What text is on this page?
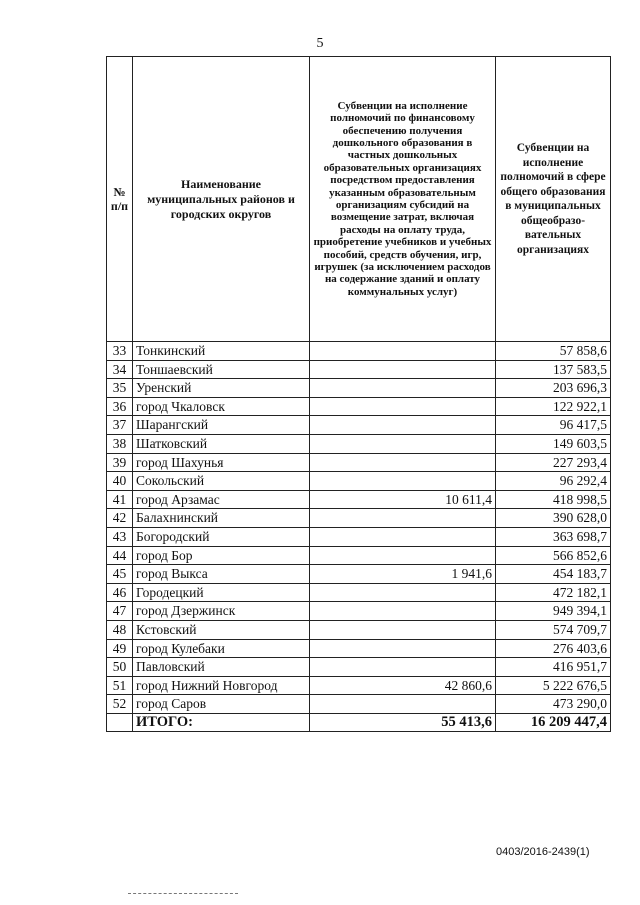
5
№ п/п	Наименование муниципальных районов и городских округов	Субвенции на исполнение полномочий по финансовому обеспечению получения дошкольного образования в частных дошкольных образовательных организациях посредством предоставления указанным образовательным организациям субсидий на возмещение затрат, включая расходы на оплату труда, приобретение учебников и учебных пособий, средств обучения, игр, игрушек (за исключением расходов на содержание зданий и оплату коммунальных услуг)	Субвенции на исполнение полномочий в сфере общего образования в муниципальных общеобразо-вательных организациях
33	Тонкинский		57 858,6
34	Тоншаевский		137 583,5
35	Уренский		203 696,3
36	город Чкаловск		122 922,1
37	Шарангский		96 417,5
38	Шатковский		149 603,5
39	город Шахунья		227 293,4
40	Сокольский		96 292,4
41	город Арзамас	10 611,4	418 998,5
42	Балахнинский		390 628,0
43	Богородский		363 698,7
44	город Бор		566 852,6
45	город Выкса	1 941,6	454 183,7
46	Городецкий		472 182,1
47	город Дзержинск		949 394,1
48	Кстовский		574 709,7
49	город Кулебаки		276 403,6
50	Павловский		416 951,7
51	город Нижний Новгород	42 860,6	5 222 676,5
52	город Саров		473 290,0
	ИТОГО:	55 413,6	16 209 447,4
0403/2016-2439(1)
